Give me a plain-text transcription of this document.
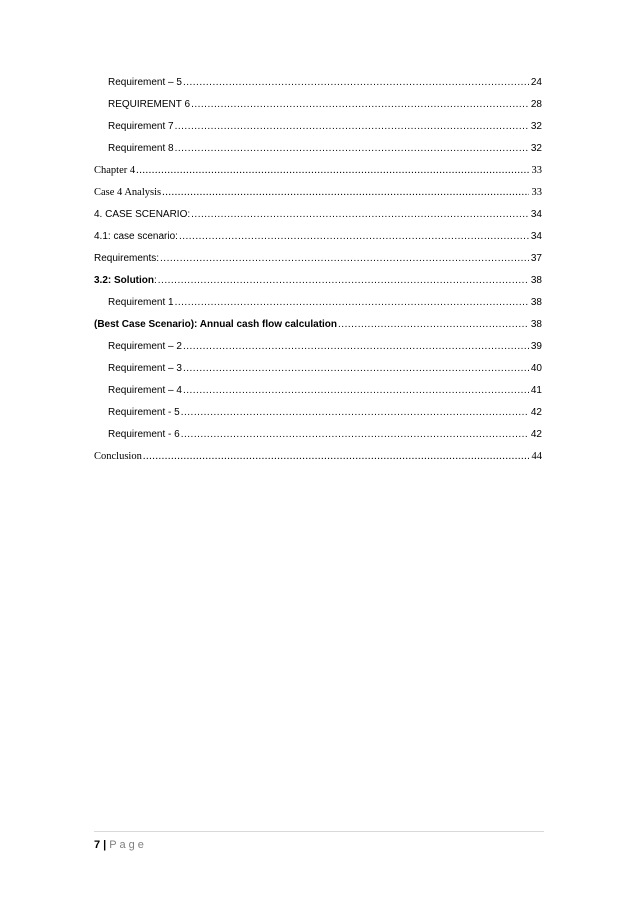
Requirement – 5 .....	24
REQUIREMENT 6 .....	28
Requirement 7 .....	32
Requirement 8 .....	32
Chapter 4 .....	33
Case 4 Analysis .....	33
4. CASE SCENARIO: .....	34
4.1: case scenario: .....	34
Requirements: .....	37
3.2: Solution: .....	38
Requirement 1 .....	38
(Best Case Scenario): Annual cash flow calculation .....	38
Requirement – 2 .....	39
Requirement – 3 .....	40
Requirement – 4 .....	41
Requirement - 5 .....	42
Requirement - 6 .....	42
Conclusion .....	44
7 | Page
